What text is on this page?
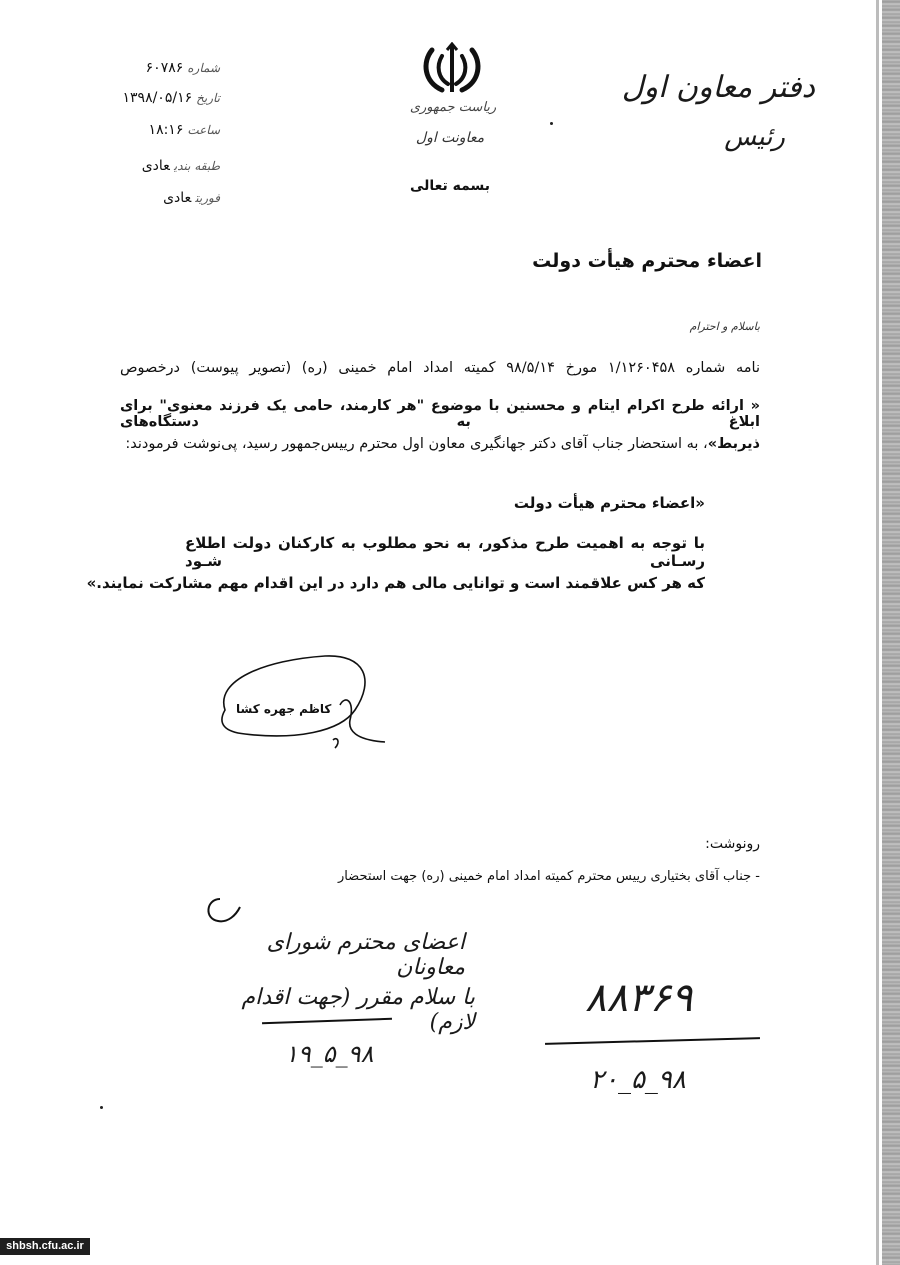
دفتر معاون اول
رئیس
ریاست جمهوری
معاونت اول
بسمه تعالی
شماره۶۰۷۸۶
تاریخ۱۳۹۸/۰۵/۱۶
ساعت۱۸:۱۶
طبقه بندیعادی
فوریتعادی
اعضاء محترم هیأت دولت
باسلام و احترام
نامه شماره ۱/۱۲۶۰۴۵۸ مورخ ۹۸/۵/۱۴ کمیته امداد امام خمینی (ره) (تصویر پیوست) درخصوص
« ارائه طرح اکرام ایتام و محسنین با موضوع "هر کارمند، حامی یک فرزند معنوی" برای ابلاغ به دستگاه‌های
ذیربط»، به استحضار جناب آقای دکتر جهانگیری معاون اول محترم رییس‌جمهور رسید، پی‌نوشت فرمودند:
«اعضاء محترم هیأت دولت
با توجه به اهمیت طرح مذکور، به نحو مطلوب به کارکنان دولت اطلاع رسـانی شـود
که هر کس علاقمند است و توانایی مالی هم دارد در این اقدام مهم مشارکت نمایند.»
کاظم جهره کشا
رونوشت:
- جناب آقای بختیاری رییس محترم کمیته امداد امام خمینی (ره) جهت استحضار
اعضای محترم شورای معاونان
با سلام مقرر (جهت اقدام لازم)
۹۸_۵_۱۹
۸۸۳۶۹
۹۸_۵_۲۰
shbsh.cfu.ac.ir
